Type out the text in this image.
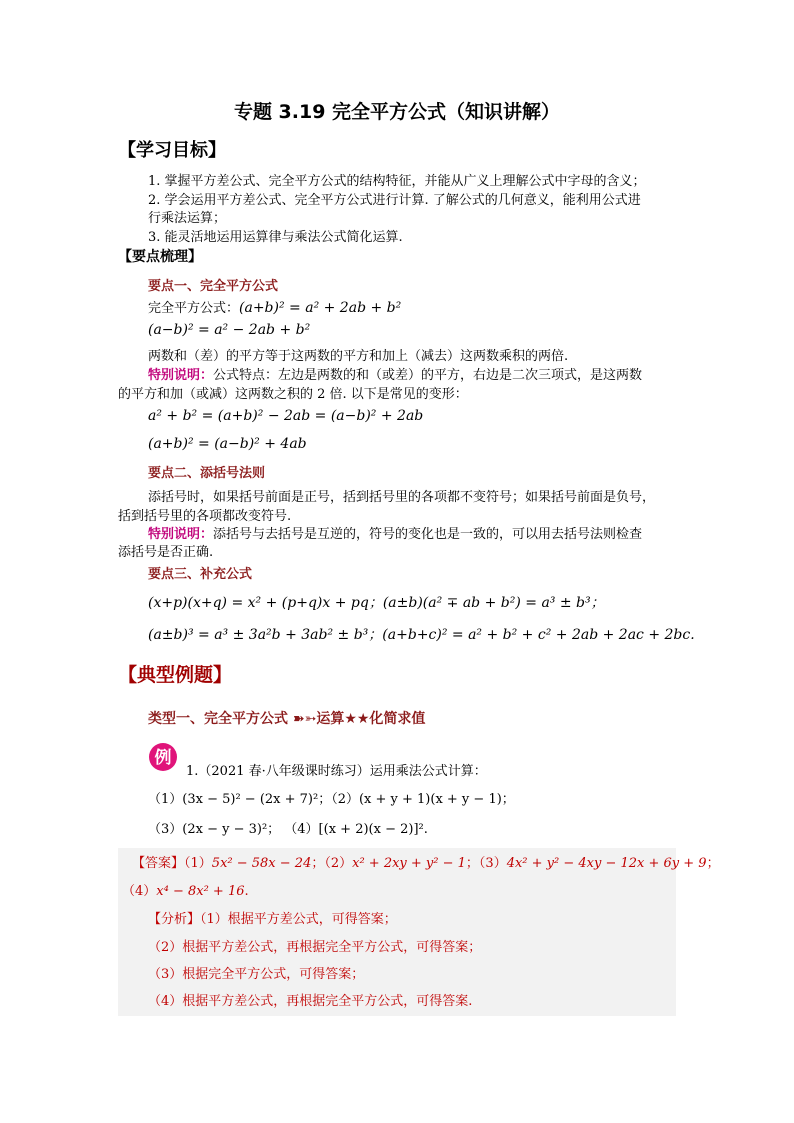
专题 3.19 完全平方公式（知识讲解）
【学习目标】
1. 掌握平方差公式、完全平方公式的结构特征，并能从广义上理解公式中字母的含义；
2. 学会运用平方差公式、完全平方公式进行计算. 了解公式的几何意义，能利用公式进
行乘法运算；
3. 能灵活地运用运算律与乘法公式简化运算.
【要点梳理】
要点一、完全平方公式
完全平方公式：(a+b)² = a² + 2ab + b²
(a−b)² = a² − 2ab + b²
两数和（差）的平方等于这两数的平方和加上（减去）这两数乘积的两倍.
特别说明：公式特点：左边是两数的和（或差）的平方，右边是二次三项式，是这两数
的平方和加（或减）这两数之积的 2 倍. 以下是常见的变形：
a² + b² = (a+b)² − 2ab = (a−b)² + 2ab
(a+b)² = (a−b)² + 4ab
要点二、添括号法则
添括号时，如果括号前面是正号，括到括号里的各项都不变符号；如果括号前面是负号，
括到括号里的各项都改变符号.
特别说明：添括号与去括号是互逆的，符号的变化也是一致的，可以用去括号法则检查
添括号是否正确.
要点三、补充公式
(x+p)(x+q) = x² + (p+q)x + pq；(a±b)(a² ∓ ab + b²) = a³ ± b³；
(a±b)³ = a³ ± 3a²b + 3ab² ± b³；(a+b+c)² = a² + b² + c² + 2ab + 2ac + 2bc.
【典型例题】
类型一、完全平方公式 ➽➳运算★★化简求值
例
1.（2021 春·八年级课时练习）运用乘法公式计算：
（1）(3x − 5)² − (2x + 7)²；（2）(x + y + 1)(x + y − 1)；
（3）(2x − y − 3)²； （4）[(x + 2)(x − 2)]².
【答案】（1）5x² − 58x − 24；（2）x² + 2xy + y² − 1；（3）4x² + y² − 4xy − 12x + 6y + 9；
（4）x⁴ − 8x² + 16.
【分析】（1）根据平方差公式，可得答案；
（2）根据平方差公式，再根据完全平方公式，可得答案；
（3）根据完全平方公式，可得答案；
（4）根据平方差公式，再根据完全平方公式，可得答案.
